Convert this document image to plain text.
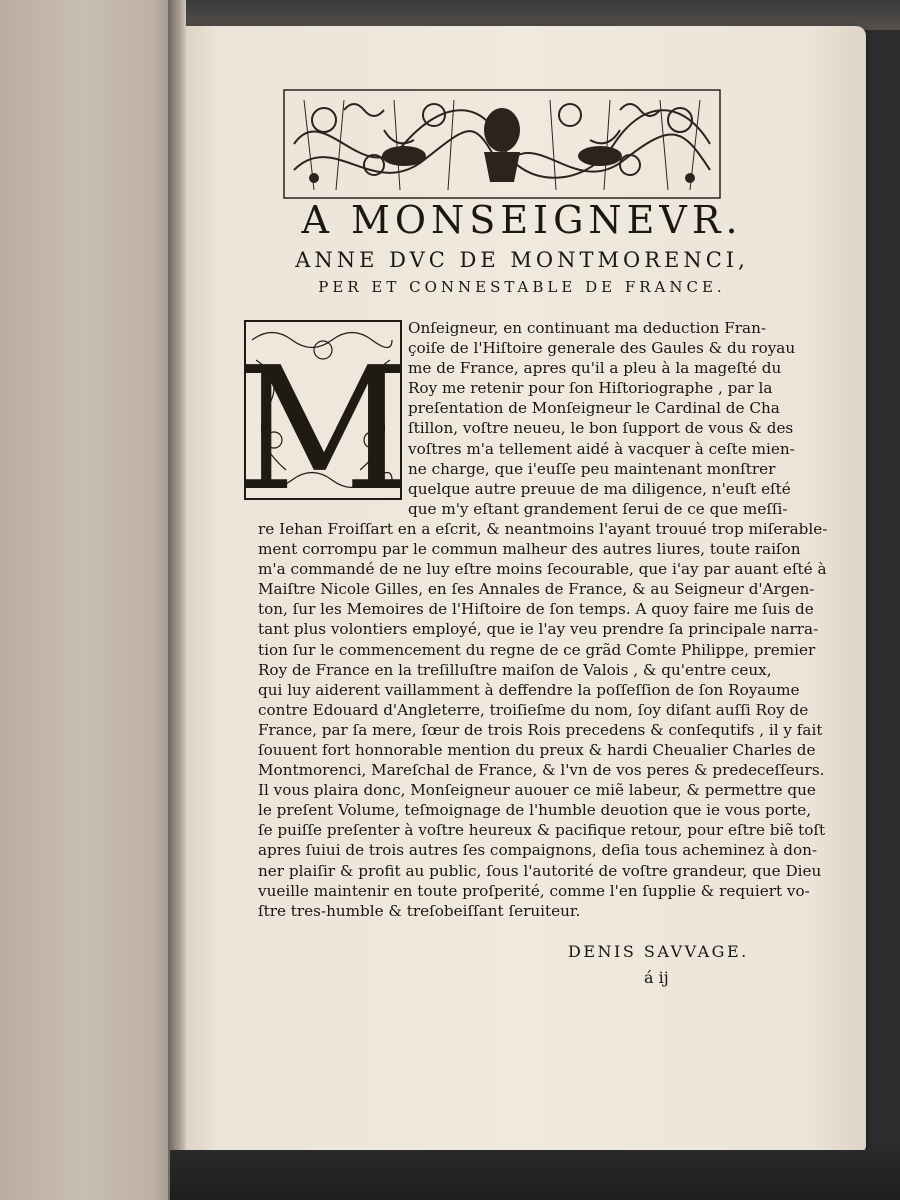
A MONSEIGNEVR.
ANNE DVC DE MONTMORENCI,
PER ET CONNESTABLE DE FRANCE.
M
Onſeigneur, en continuant ma deduction Fran-
çoiſe de l'Hiſtoire generale des Gaules & du royau
me de France, apres qu'il a pleu à la mageſté du
Roy me retenir pour ſon Hiſtoriographe , par la
preſentation de Monſeigneur le Cardinal de Cha
ſtillon, voſtre neueu, le bon ſupport de vous & des
voſtres m'a tellement aidé à vacquer à ceſte mien-
ne charge, que i'euſſe peu maintenant monſtrer
quelque autre preuue de ma diligence, n'euſt eſté
que m'y eſtant grandement ſerui de ce que meſſi-
re Iehan Froiſſart en a eſcrit, & neantmoins l'ayant trouué trop miſerable-
ment corrompu par le commun malheur des autres liures, toute raiſon
m'a commandé de ne luy eſtre moins ſecourable, que i'ay par auant eſté à
Maiſtre Nicole Gilles, en ſes Annales de France, & au Seigneur d'Argen-
ton, ſur les Memoires de l'Hiſtoire de ſon temps. A quoy faire me ſuis de
tant plus volontiers employé, que ie l'ay veu prendre ſa principale narra-
tion ſur le commencement du regne de ce grãd Comte Philippe, premier
Roy de France en la treſilluſtre maiſon de Valois , & qu'entre ceux,
qui luy aiderent vaillamment à deffendre la poſſeſſion de ſon Royaume
contre Edouard d'Angleterre, troiſieſme du nom, ſoy diſant auſſi Roy de
France, par ſa mere, ſœur de trois Rois precedens & conſequtifs , il y fait
ſouuent fort honnorable mention du preux & hardi Cheualier Charles de
Montmorenci, Mareſchal de France, & l'vn de vos peres & predeceſſeurs.
Il vous plaira donc, Monſeigneur auouer ce miẽ labeur, & permettre que
le preſent Volume, teſmoignage de l'humble deuotion que ie vous porte,
ſe puiſſe preſenter à voſtre heureux & pacifique retour, pour eſtre biẽ toſt
apres ſuiui de trois autres ſes compaignons, deſia tous acheminez à don-
ner plaiſir & profit au public, ſous l'autorité de voſtre grandeur, que Dieu
vueille maintenir en toute proſperité, comme l'en ſupplie & requiert vo-
ſtre tres-humble & treſobeiſſant ſeruiteur.
DENIS SAVVAGE.
á ij
